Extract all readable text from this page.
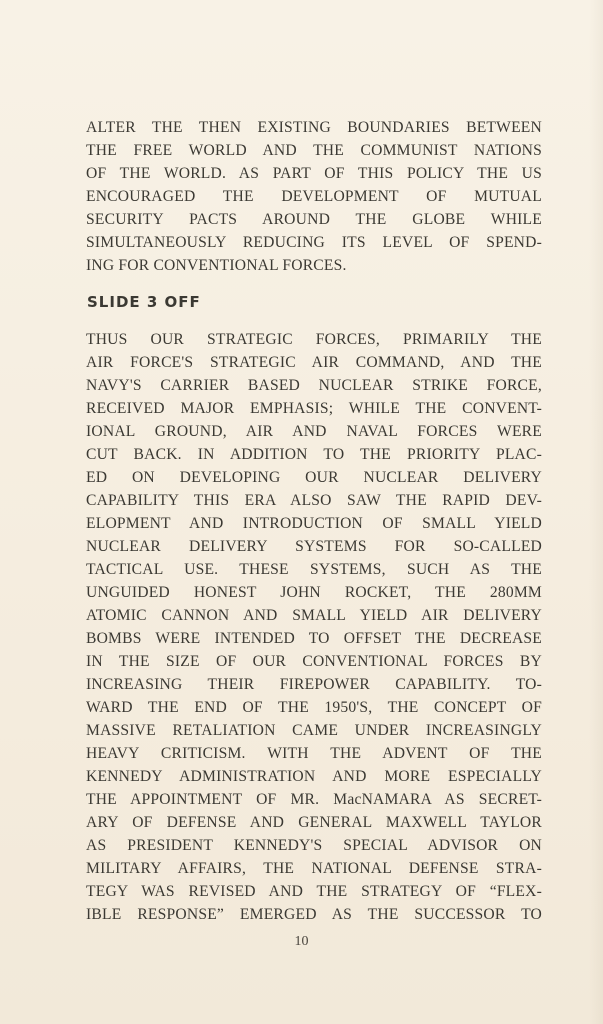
ALTER THE THEN EXISTING BOUNDARIES BETWEEN
THE FREE WORLD AND THE COMMUNIST NATIONS
OF THE WORLD. AS PART OF THIS POLICY THE US
ENCOURAGED THE DEVELOPMENT OF MUTUAL
SECURITY PACTS AROUND THE GLOBE WHILE
SIMULTANEOUSLY REDUCING ITS LEVEL OF SPEND-
ING FOR CONVENTIONAL FORCES.
SLIDE 3 OFF
THUS OUR STRATEGIC FORCES, PRIMARILY THE
AIR FORCE'S STRATEGIC AIR COMMAND, AND THE
NAVY'S CARRIER BASED NUCLEAR STRIKE FORCE,
RECEIVED MAJOR EMPHASIS; WHILE THE CONVENT-
IONAL GROUND, AIR AND NAVAL FORCES WERE
CUT BACK. IN ADDITION TO THE PRIORITY PLAC-
ED ON DEVELOPING OUR NUCLEAR DELIVERY
CAPABILITY THIS ERA ALSO SAW THE RAPID DEV-
ELOPMENT AND INTRODUCTION OF SMALL YIELD
NUCLEAR DELIVERY SYSTEMS FOR SO-CALLED
TACTICAL USE. THESE SYSTEMS, SUCH AS THE
UNGUIDED HONEST JOHN ROCKET, THE 280MM
ATOMIC CANNON AND SMALL YIELD AIR DELIVERY
BOMBS WERE INTENDED TO OFFSET THE DECREASE
IN THE SIZE OF OUR CONVENTIONAL FORCES BY
INCREASING THEIR FIREPOWER CAPABILITY. TO-
WARD THE END OF THE 1950'S, THE CONCEPT OF
MASSIVE RETALIATION CAME UNDER INCREASINGLY
HEAVY CRITICISM. WITH THE ADVENT OF THE
KENNEDY ADMINISTRATION AND MORE ESPECIALLY
THE APPOINTMENT OF MR. MacNAMARA AS SECRET-
ARY OF DEFENSE AND GENERAL MAXWELL TAYLOR
AS PRESIDENT KENNEDY'S SPECIAL ADVISOR ON
MILITARY AFFAIRS, THE NATIONAL DEFENSE STRA-
TEGY WAS REVISED AND THE STRATEGY OF “FLEX-
IBLE RESPONSE” EMERGED AS THE SUCCESSOR TO
10
